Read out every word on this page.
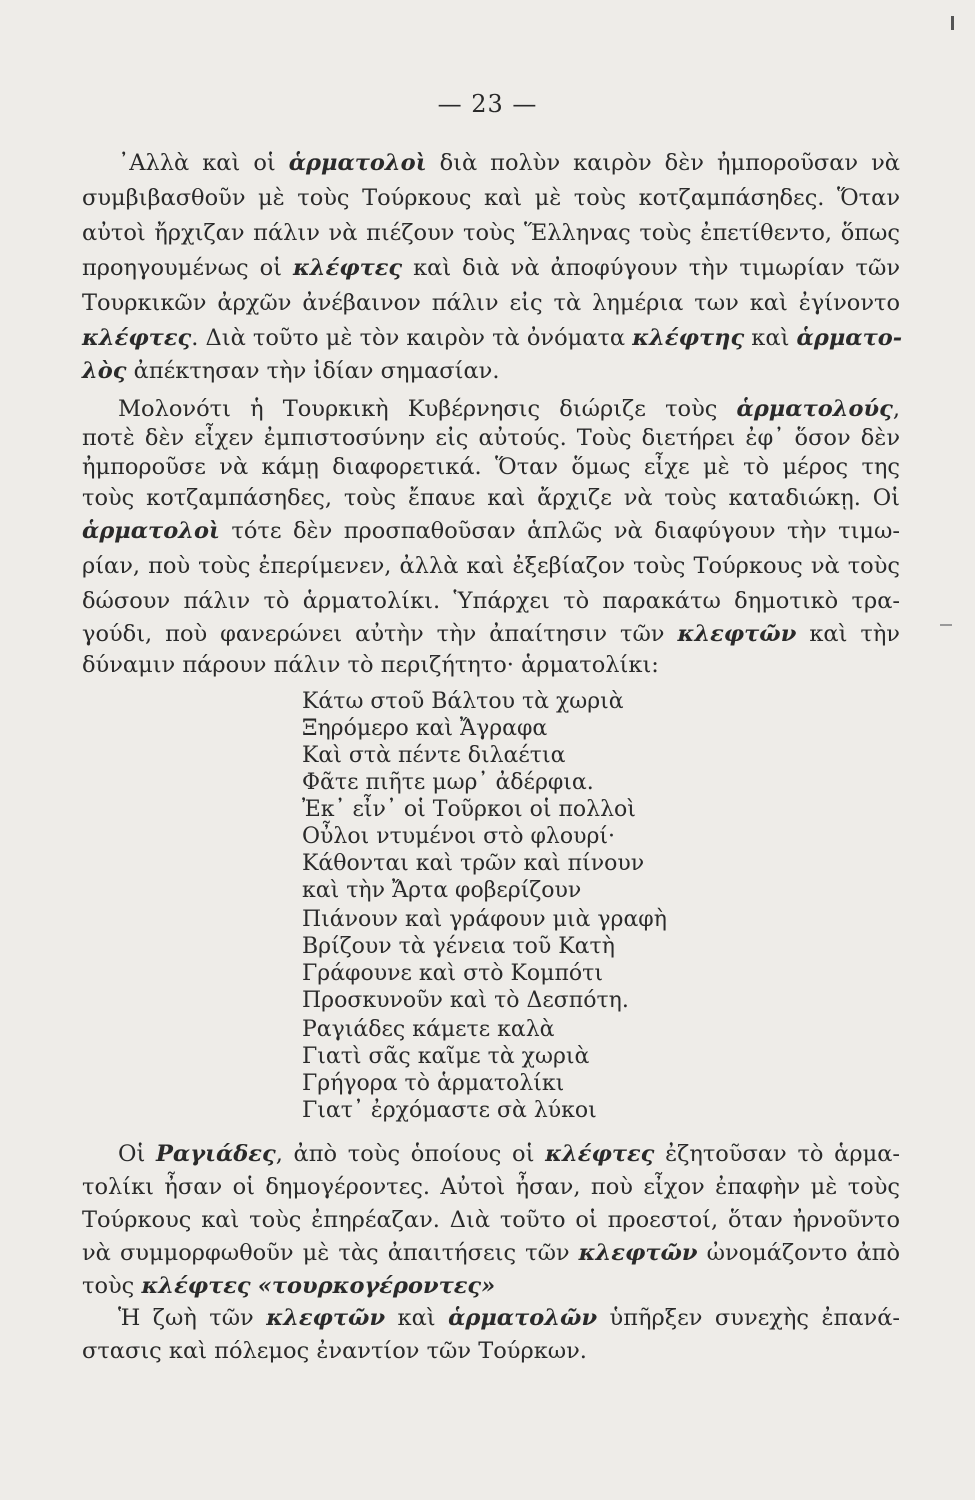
— 23 —
᾽Αλλὰ καὶ οἱ ἁρματολοὶ διὰ πολὺν καιρὸν δὲν ἠμποροῦσαν νὰ
συμβιβασθοῦν μὲ τοὺς Τούρκους καὶ μὲ τοὺς κοτζαμπάσηδες. Ὅταν
αὐτοὶ ἤρχιζαν πάλιν νὰ πιέζουν τοὺς Ἕλληνας τοὺς ἐπετίθεντο, ὅπως
προηγουμένως οἱ κλέφτες καὶ διὰ νὰ ἀποφύγουν τὴν τιμωρίαν τῶν
Τουρκικῶν ἀρχῶν ἀνέβαινον πάλιν εἰς τὰ λημέρια των καὶ ἐγίνοντο
κλέφτες. Διὰ τοῦτο μὲ τὸν καιρὸν τὰ ὀνόματα κλέφτης καὶ ἁρματο-
λὸς ἀπέκτησαν τὴν ἰδίαν σημασίαν.
Μολονότι ἡ Τουρκικὴ Κυβέρνησις διώριζε τοὺς ἁρματολούς,
ποτὲ δὲν εἶχεν ἐμπιστοσύνην εἰς αὐτούς. Τοὺς διετήρει ἐφ᾽ ὅσον δὲν
ἠμποροῦσε νὰ κάμῃ διαφορετικά. Ὅταν ὅμως εἶχε μὲ τὸ μέρος της
τοὺς κοτζαμπάσηδες, τοὺς ἔπαυε καὶ ἄρχιζε νὰ τοὺς καταδιώκῃ. Οἱ
ἁρματολοὶ τότε δὲν προσπαθοῦσαν ἁπλῶς νὰ διαφύγουν τὴν τιμω-
ρίαν, ποὺ τοὺς ἐπερίμενεν, ἀλλὰ καὶ ἐξεβίαζον τοὺς Τούρκους νὰ τοὺς
δώσουν πάλιν τὸ ἁρματολίκι. Ὑπάρχει τὸ παρακάτω δημοτικὸ τρα-
γούδι, ποὺ φανερώνει αὐτὴν τὴν ἀπαίτησιν τῶν κλεφτῶν καὶ τὴν
δύναμιν πάρουν πάλιν τὸ περιζήτητο· ἁρματολίκι:
Κάτω στοῦ Βάλτου τὰ χωριὰ
Ξηρόμερο καὶ Ἄγραφα
Καὶ στὰ πέντε διλαέτια
Φᾶτε πιῆτε μωρ᾽ ἀδέρφια.
Ἐκ᾽ εἶν᾽ οἱ Τοῦρκοι οἱ πολλοὶ
Οὖλοι ντυμένοι στὸ φλουρί·
Κάθονται καὶ τρῶν καὶ πίνουν
καὶ τὴν Ἄρτα φοβερίζουν
Πιάνουν καὶ γράφουν μιὰ γραφὴ
Βρίζουν τὰ γένεια τοῦ Κατὴ
Γράφουνε καὶ στὸ Κομπότι
Προσκυνοῦν καὶ τὸ Δεσπότη.
Ραγιάδες κάμετε καλὰ
Γιατὶ σᾶς καῖμε τὰ χωριὰ
Γρήγορα τὸ ἁρματολίκι
Γιατ᾽ ἐρχόμαστε σὰ λύκοι
Οἱ Ραγιάδες, ἀπὸ τοὺς ὁποίους οἱ κλέφτες ἐζητοῦσαν τὸ ἁρμα-
τολίκι ἦσαν οἱ δημογέροντες. Αὐτοὶ ἦσαν, ποὺ εἶχον ἐπαφὴν μὲ τοὺς
Τούρκους καὶ τοὺς ἐπηρέαζαν. Διὰ τοῦτο οἱ προεστοί, ὅταν ἠρνοῦντο
νὰ συμμορφωθοῦν μὲ τὰς ἀπαιτήσεις τῶν κλεφτῶν ὠνομάζοντο ἀπὸ
τοὺς κλέφτες «τουρκογέροντες»
Ἡ ζωὴ τῶν κλεφτῶν καὶ ἁρματολῶν ὑπῆρξεν συνεχὴς ἐπανά-
στασις καὶ πόλεμος ἐναντίον τῶν Τούρκων.
